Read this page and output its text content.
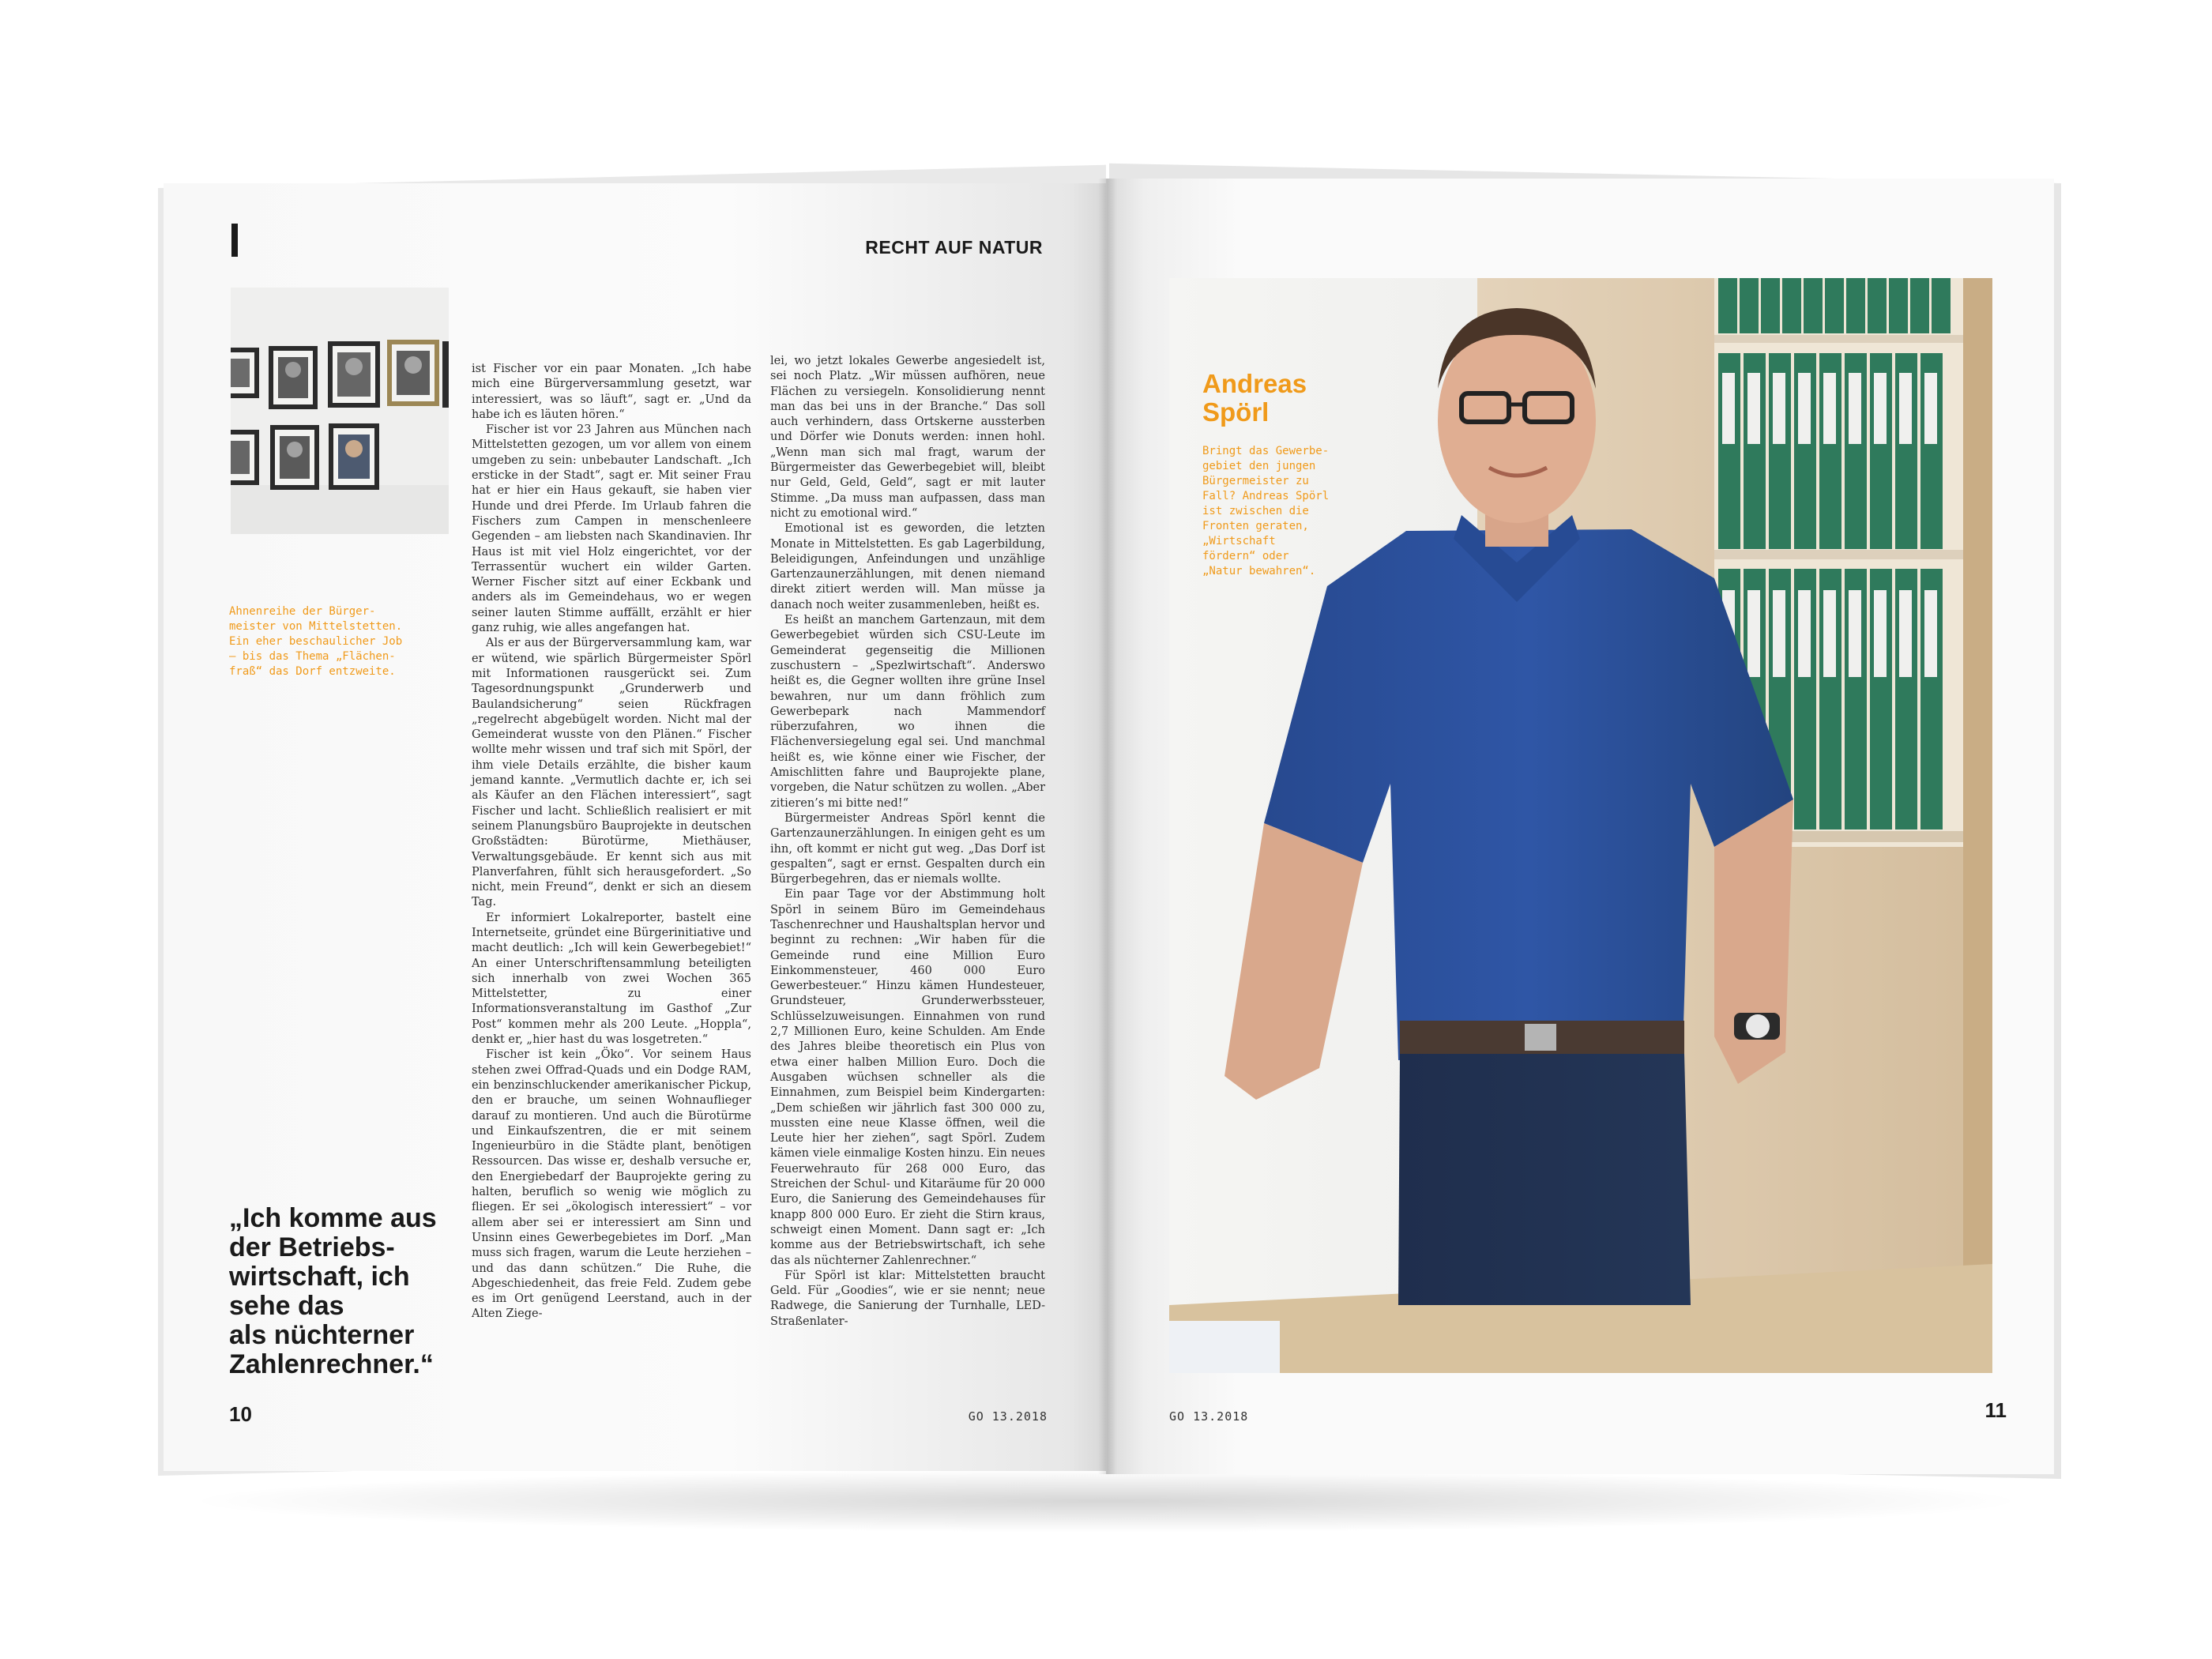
RECHT AUF NATUR
Ahnenreihe der Bürger-
meister von Mittelstetten.
Ein eher beschaulicher Job
– bis das Thema „Flächen-
fraß“ das Dorf entzweite.

ist Fischer vor ein paar Monaten. „Ich habe mich eine Bürgerversammlung gesetzt, war interessiert, was so läuft“, sagt er. „Und da habe ich es läuten hören.“

Fischer ist vor 23 Jahren aus München nach Mittelstetten gezogen, um vor allem von einem umgeben zu sein: unbebauter Landschaft. „Ich ersticke in der Stadt“, sagt er. Mit seiner Frau hat er hier ein Haus gekauft, sie haben vier Hunde und drei Pferde. Im Urlaub fahren die Fischers zum Campen in menschenleere Gegenden – am liebsten nach Skandinavien. Ihr Haus ist mit viel Holz eingerichtet, vor der Terrassentür wuchert ein wilder Garten. Werner Fischer sitzt auf einer Eckbank und anders als im Gemeindehaus, wo er wegen seiner lauten Stimme auffällt, erzählt er hier ganz ruhig, wie alles angefangen hat.

Als er aus der Bürgerversammlung kam, war er wütend, wie spärlich Bürgermeister Spörl mit Informationen rausgerückt sei. Zum Tagesordnungspunkt „Grunderwerb und Baulandsicherung“ seien Rückfragen „regelrecht abgebügelt worden. Nicht mal der Gemeinderat wusste von den Plänen.“ Fischer wollte mehr wissen und traf sich mit Spörl, der ihm viele Details erzählte, die bisher kaum jemand kannte. „Vermutlich dachte er, ich sei als Käufer an den Flächen interessiert“, sagt Fischer und lacht. Schließlich realisiert er mit seinem Planungsbüro Bauprojekte in deutschen Großstädten: Bürotürme, Miethäuser, Verwaltungsgebäude. Er kennt sich aus mit Planverfahren, fühlt sich herausgefordert. „So nicht, mein Freund“, denkt er sich an diesem Tag.

Er informiert Lokalreporter, bastelt eine Internetseite, gründet eine Bürgerinitiative und macht deutlich: „Ich will kein Gewerbegebiet!“ An einer Unterschriftensammlung beteiligten sich innerhalb von zwei Wochen 365 Mittelstetter, zu einer Informationsveranstaltung im Gasthof „Zur Post“ kommen mehr als 200 Leute. „Hoppla“, denkt er, „hier hast du was losgetreten.“

Fischer ist kein „Öko“. Vor seinem Haus stehen zwei Offrad-Quads und ein Dodge RAM, ein benzinschluckender amerikanischer Pickup, den er brauche, um seinen Wohnauflieger darauf zu montieren. Und auch die Bürotürme und Einkaufszentren, die er mit seinem Ingenieurbüro in die Städte plant, benötigen Ressourcen. Das wisse er, deshalb versuche er, den Energiebedarf der Bauprojekte gering zu halten, beruflich so wenig wie möglich zu fliegen. Er sei „ökologisch interessiert“ – vor allem aber sei er interessiert am Sinn und Unsinn eines Gewerbegebietes im Dorf. „Man muss sich fragen, warum die Leute herziehen – und das dann schützen.“ Die Ruhe, die Abgeschiedenheit, das freie Feld. Zudem gebe es im Ort genügend Leerstand, auch in der Alten Ziege-

lei, wo jetzt lokales Gewerbe angesiedelt ist, sei noch Platz. „Wir müssen aufhören, neue Flächen zu versiegeln. Konsolidierung nennt man das bei uns in der Branche.“ Das soll auch verhindern, dass Ortskerne aussterben und Dörfer wie Donuts werden: innen hohl. „Wenn man sich mal fragt, warum der Bürgermeister das Gewerbegebiet will, bleibt nur Geld, Geld, Geld“, sagt er mit lauter Stimme. „Da muss man aufpassen, dass man nicht zu emotional wird.“

Emotional ist es geworden, die letzten Monate in Mittelstetten. Es gab Lagerbildung, Beleidigungen, Anfeindungen und unzählige Gartenzaunerzählungen, mit denen niemand direkt zitiert werden will. Man müsse ja danach noch weiter zusammenleben, heißt es.

Es heißt an manchem Gartenzaun, mit dem Gewerbegebiet würden sich CSU-Leute im Gemeinderat gegenseitig die Millionen zuschustern – „Spezlwirtschaft“. Anderswo heißt es, die Gegner wollten ihre grüne Insel bewahren, nur um dann fröhlich zum Gewerbepark nach Mammendorf rüberzufahren, wo ihnen die Flächenversiegelung egal sei. Und manchmal heißt es, wie könne einer wie Fischer, der Amischlitten fahre und Bauprojekte plane, vorgeben, die Natur schützen zu wollen. „Aber zitieren’s mi bitte ned!“

Bürgermeister Andreas Spörl kennt die Gartenzaunerzählungen. In einigen geht es um ihn, oft kommt er nicht gut weg. „Das Dorf ist gespalten“, sagt er ernst. Gespalten durch ein Bürgerbegehren, das er niemals wollte.

Ein paar Tage vor der Abstimmung holt Spörl in seinem Büro im Gemeindehaus Taschenrechner und Haushaltsplan hervor und beginnt zu rechnen: „Wir haben für die Gemeinde rund eine Million Euro Einkommensteuer, 460 000 Euro Gewerbesteuer.“ Hinzu kämen Hundesteuer, Grundsteuer, Grunderwerbssteuer, Schlüsselzuweisungen. Einnahmen von rund 2,7 Millionen Euro, keine Schulden. Am Ende des Jahres bleibe theoretisch ein Plus von etwa einer halben Million Euro. Doch die Ausgaben wüchsen schneller als die Einnahmen, zum Beispiel beim Kindergarten: „Dem schießen wir jährlich fast 300 000 zu, mussten eine neue Klasse öffnen, weil die Leute hier her ziehen“, sagt Spörl. Zudem kämen viele einmalige Kosten hinzu. Ein neues Feuerwehrauto für 268 000 Euro, das Streichen der Schul- und Kitaräume für 20 000 Euro, die Sanierung des Gemeindehauses für knapp 800 000 Euro. Er zieht die Stirn kraus, schweigt einen Moment. Dann sagt er: „Ich komme aus der Betriebswirtschaft, ich sehe das als nüchterner Zahlenrechner.“

Für Spörl ist klar: Mittelstetten braucht Geld. Für „Goodies“, wie er sie nennt; neue Radwege, die Sanierung der Turnhalle, LED-Straßenlater-

„Ich komme aus
der Betriebs-
wirtschaft, ich
sehe das
als nüchterner
Zahlenrechner.“
10	GO 13.2018
Andreas
Spörl
Bringt das Gewerbe-
gebiet den jungen
Bürgermeister zu
Fall? Andreas Spörl
ist zwischen die
Fronten geraten,
„Wirtschaft
fördern“ oder
„Natur bewahren“.
GO 13.2018	11
